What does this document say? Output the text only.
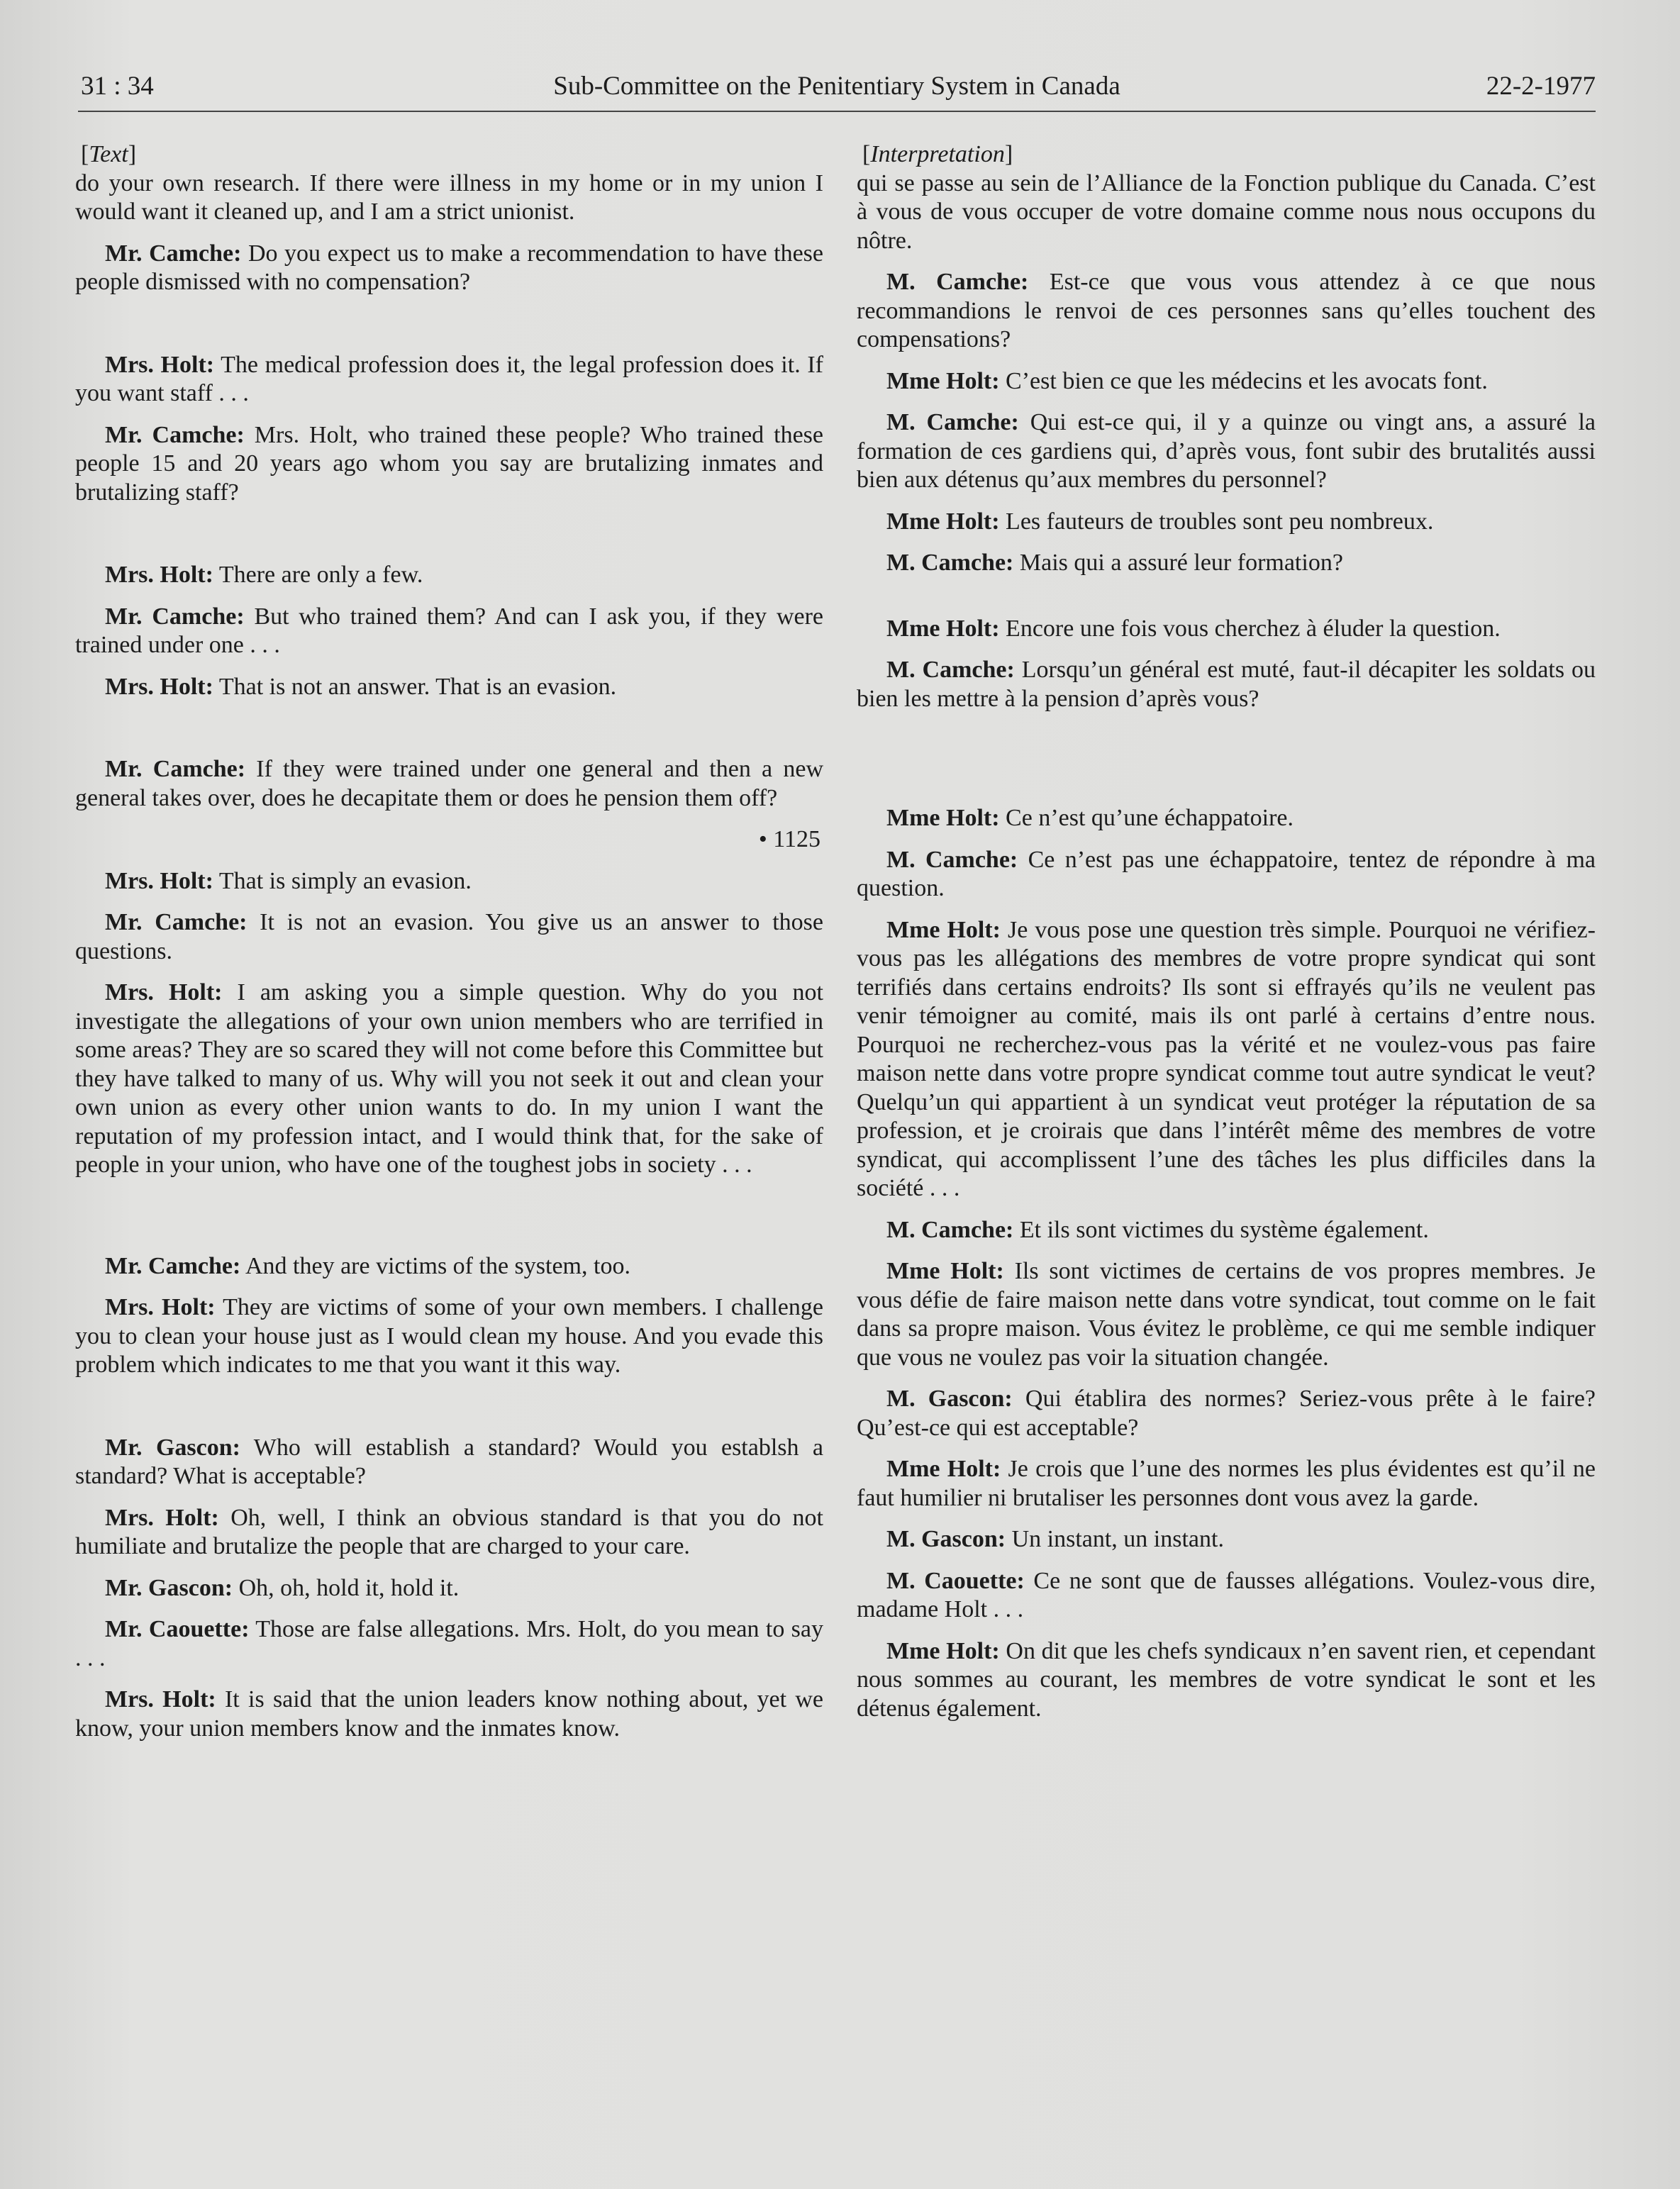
31 : 34	Sub-Committee on the Penitentiary System in Canada	22-2-1977
[Text]

do your own research. If there were illness in my home or in my union I would want it cleaned up, and I am a strict unionist.

Mr. Camche: Do you expect us to make a recommendation to have these people dismissed with no compensation?

Mrs. Holt: The medical profession does it, the legal profession does it. If you want staff . . .

Mr. Camche: Mrs. Holt, who trained these people? Who trained these people 15 and 20 years ago whom you say are brutalizing inmates and brutalizing staff?

Mrs. Holt: There are only a few.

Mr. Camche: But who trained them? And can I ask you, if they were trained under one . . .

Mrs. Holt: That is not an answer. That is an evasion.

Mr. Camche: If they were trained under one general and then a new general takes over, does he decapitate them or does he pension them off?

• 1125

Mrs. Holt: That is simply an evasion.

Mr. Camche: It is not an evasion. You give us an answer to those questions.

Mrs. Holt: I am asking you a simple question. Why do you not investigate the allegations of your own union members who are terrified in some areas? They are so scared they will not come before this Committee but they have talked to many of us. Why will you not seek it out and clean your own union as every other union wants to do. In my union I want the reputation of my profession intact, and I would think that, for the sake of people in your union, who have one of the toughest jobs in society . . .

Mr. Camche: And they are victims of the system, too.

Mrs. Holt: They are victims of some of your own members. I challenge you to clean your house just as I would clean my house. And you evade this problem which indicates to me that you want it this way.

Mr. Gascon: Who will establish a standard? Would you establsh a standard? What is acceptable?

Mrs. Holt: Oh, well, I think an obvious standard is that you do not humiliate and brutalize the people that are charged to your care.

Mr. Gascon: Oh, oh, hold it, hold it.

Mr. Caouette: Those are false allegations. Mrs. Holt, do you mean to say . . .

Mrs. Holt: It is said that the union leaders know nothing about, yet we know, your union members know and the inmates know.

[Interpretation]

qui se passe au sein de l’Alliance de la Fonction publique du Canada. C’est à vous de vous occuper de votre domaine comme nous nous occupons du nôtre.

M. Camche: Est-ce que vous vous attendez à ce que nous recommandions le renvoi de ces personnes sans qu’elles touchent des compensations?

Mme Holt: C’est bien ce que les médecins et les avocats font.

M. Camche: Qui est-ce qui, il y a quinze ou vingt ans, a assuré la formation de ces gardiens qui, d’après vous, font subir des brutalités aussi bien aux détenus qu’aux membres du personnel?

Mme Holt: Les fauteurs de troubles sont peu nombreux.

M. Camche: Mais qui a assuré leur formation?

Mme Holt: Encore une fois vous cherchez à éluder la question.

M. Camche: Lorsqu’un général est muté, faut-il décapiter les soldats ou bien les mettre à la pension d’après vous?

Mme Holt: Ce n’est qu’une échappatoire.

M. Camche: Ce n’est pas une échappatoire, tentez de répondre à ma question.

Mme Holt: Je vous pose une question très simple. Pourquoi ne vérifiez-vous pas les allégations des membres de votre propre syndicat qui sont terrifiés dans certains endroits? Ils sont si effrayés qu’ils ne veulent pas venir témoigner au comité, mais ils ont parlé à certains d’entre nous. Pourquoi ne recherchez-vous pas la vérité et ne voulez-vous pas faire maison nette dans votre propre syndicat comme tout autre syndicat le veut? Quelqu’un qui appartient à un syndicat veut protéger la réputation de sa profession, et je croirais que dans l’intérêt même des membres de votre syndicat, qui accomplissent l’une des tâches les plus difficiles dans la société . . .

M. Camche: Et ils sont victimes du système également.

Mme Holt: Ils sont victimes de certains de vos propres membres. Je vous défie de faire maison nette dans votre syndicat, tout comme on le fait dans sa propre maison. Vous évitez le problème, ce qui me semble indiquer que vous ne voulez pas voir la situation changée.

M. Gascon: Qui établira des normes? Seriez-vous prête à le faire? Qu’est-ce qui est acceptable?

Mme Holt: Je crois que l’une des normes les plus évidentes est qu’il ne faut humilier ni brutaliser les personnes dont vous avez la garde.

M. Gascon: Un instant, un instant.

M. Caouette: Ce ne sont que de fausses allégations. Voulez-vous dire, madame Holt . . .

Mme Holt: On dit que les chefs syndicaux n’en savent rien, et cependant nous sommes au courant, les membres de votre syndicat le sont et les détenus également.
